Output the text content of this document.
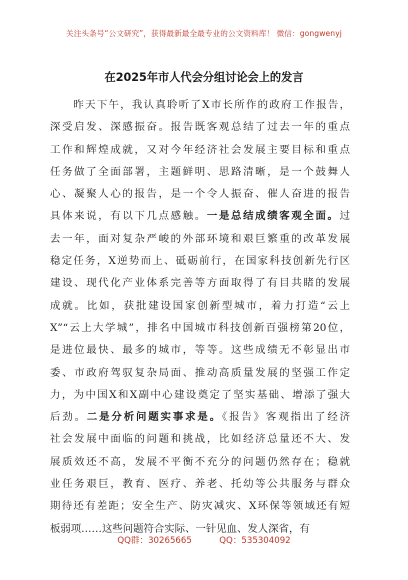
关注头条号“公文研究”，获得最新最全最专业的公文资料库！ 微信：gongwenyj
在2025年市人代会分组讨论会上的发言
　　昨天下午，我认真聆听了X市长所作的政府工作报告，
深受启发、深感振奋。报告既客观总结了过去一年的重点
工作和辉煌成就，又对今年经济社会发展主要目标和重点
任务做了全面部署，主题鲜明、思路清晰，是一个鼓舞人
心、凝聚人心的报告，是一个令人振奋、催人奋进的报告
具体来说，有以下几点感触。一是总结成绩客观全面。过
去一年，面对复杂严峻的外部环境和艰巨繁重的改革发展
稳定任务，X逆势而上、砥砺前行，在国家科技创新先行区
建设、现代化产业体系完善等方面取得了有目共睹的发展
成就。比如，获批建设国家创新型城市，着力打造“云上
X”“云上大学城”，排名中国城市科技创新百强榜第20位，
是进位最快、最多的城市，等等。这些成绩无不彰显出市
委、市政府驾驭复杂局面、推动高质量发展的坚强工作定
力，为中国X和X副中心建设奠定了坚实基础、增添了强大
后劲。二是分析问题实事求是。《报告》客观指出了经济
社会发展中面临的问题和挑战，比如经济总量还不大、发
展质效还不高，发展不平衡不充分的问题仍然存在；稳就
业任务艰巨，教育、医疗、养老、托幼等公共服务与群众
期待还有差距；安全生产、防灾减灾、X环保等领域还有短
板弱项……这些问题符合实际、一针见血、发人深省，有
QQ群：30265665	QQ：535304092
